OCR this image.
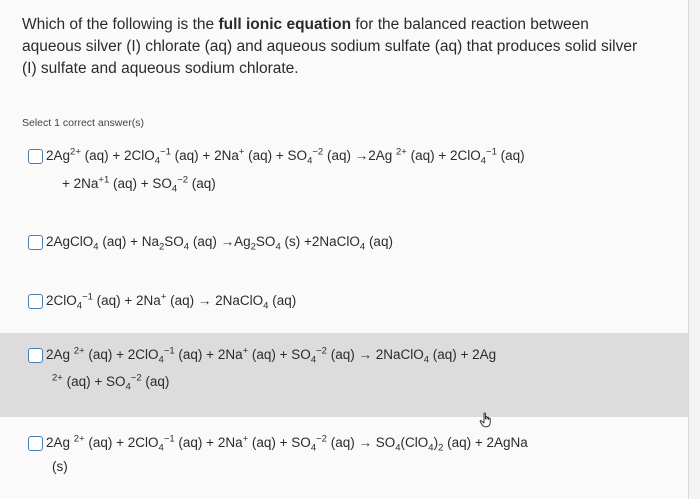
Which of the following is the full ionic equation for the balanced reaction between aqueous silver (I) chlorate (aq) and aqueous sodium sulfate (aq) that produces solid silver (I) sulfate and aqueous sodium chlorate.
Select 1 correct answer(s)
$2Ag^{2+}$ (aq) + 2ClO$_4^{-1}$ (aq) + 2Na+ $(aq) + SO_4^{-2}$ (aq) →2Ag $^{2+}$ (aq) + 2ClO$_4^{-1}$ (aq)
+ $2Na^{+1}$ $(aq) + SO_4^{-2}$ (aq)
2AgClO$_4$ $(aq) + Na_2SO_4$ $(aq) \to Ag_2SO_4$ (s) +2NaClO$_4$ (aq)
2ClO$_4^{-1}$ (aq) + 2Na+ (aq) → 2NaClO$_4$ (aq)
2Ag $^{2+}$ (aq) + 2ClO$_4^{-1}$ (aq) + 2Na+ $(aq) + SO_4^{-2}$ (aq) → 2NaClO$_4$ (aq) + 2Ag
$^{2+}$ $(aq) + SO_4^{-2}$ (aq)
2Ag $^{2+}$ (aq) + 2ClO$_4^{-1}$ (aq) + 2Na+ $(aq) + SO_4^{-2}$ $(aq) \to SO_4(ClO_4)_2$ (aq) + 2AgNa
(s)
